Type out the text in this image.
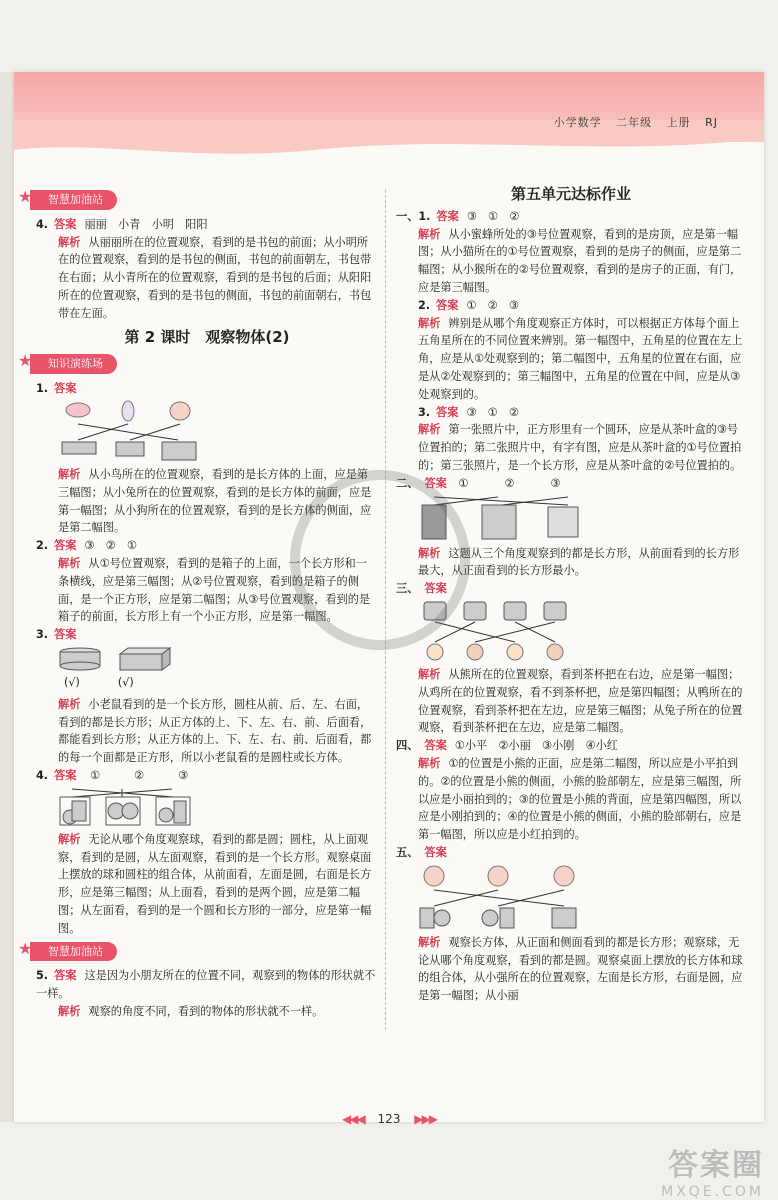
小学数学 二年级 上册 RJ
★ 智慧加油站

4. 答案 丽丽　小青　小明　阳阳

解析 从丽丽所在的位置观察，看到的是书包的前面；从小明所在的位置观察，看到的是书包的侧面，书包的前面朝左，书包带在右面；从小青所在的位置观察，看到的是书包的后面；从阳阳所在的位置观察，看到的是书包的侧面，书包的前面朝右，书包带在左面。

第 2 课时　观察物体(2)
★ 知识演练场

1. 答案

解析 从小鸟所在的位置观察，看到的是长方体的上面，应是第三幅图；从小兔所在的位置观察，看到的是长方体的前面，应是第一幅图；从小狗所在的位置观察，看到的是长方体的侧面，应是第二幅图。

2. 答案 ③　②　①

解析 从①号位置观察，看到的是箱子的上面，一个长方形和一条横线，应是第三幅图；从②号位置观察，看到的是箱子的侧面，是一个正方形，应是第二幅图；从③号位置观察，看到的是箱子的前面，长方形上有一个小正方形，应是第一幅图。

3. 答案

(√)	(√)

解析 小老鼠看到的是一个长方形，圆柱从前、后、左、右面，看到的都是长方形；从正方体的上、下、左、右、前、后面看，都能看到长方形；从正方体的上、下、左、右、前、后面看，都的每一个面都是正方形，所以小老鼠看的是圆柱或长方体。

4. 答案 ①	②	③

解析 无论从哪个角度观察球，看到的都是圆；圆柱，从上面观察，看到的是圆，从左面观察，看到的是一个长方形。观察桌面上摆放的球和圆柱的组合体，从前面看，左面是圆，右面是长方形，应是第三幅图；从上面看，看到的是两个圆，应是第二幅图；从左面看，看到的是一个圆和长方形的一部分，应是第一幅图。

★ 智慧加油站

5. 答案 这是因为小朋友所在的位置不同，观察到的物体的形状就不一样。

解析 观察的角度不同，看到的物体的形状就不一样。

第五单元达标作业

一、1. 答案 ③　①　②

解析 从小蜜蜂所处的③号位置观察，看到的是房顶，应是第一幅图；从小猫所在的①号位置观察，看到的是房子的侧面，应是第二幅图；从小猴所在的②号位置观察，看到的是房子的正面，有门，应是第三幅图。

2. 答案 ①　②　③

解析 辨别是从哪个角度观察正方体时，可以根据正方体每个面上五角星所在的不同位置来辨别。第一幅图中，五角星的位置在左上角，应是从①处观察到的；第二幅图中，五角星的位置在右面，应是从②处观察到的；第三幅图中，五角星的位置在中间，应是从③处观察到的。

3. 答案 ③　①　②

解析 第一张照片中，正方形里有一个圆环，应是从茶叶盒的③号位置拍的；第二张照片中，有字有图，应是从茶叶盒的①号位置拍的；第三张照片，是一个长方形，应是从茶叶盒的②号位置拍的。

二、 答案 ①	②	③

解析 这题从三个角度观察到的都是长方形，从前面看到的长方形最大，从正面看到的长方形最小。

三、 答案

解析 从熊所在的位置观察，看到茶杯把在右边，应是第一幅图；从鸡所在的位置观察，看不到茶杯把，应是第四幅图；从鸭所在的位置观察，看到茶杯把在左边，应是第三幅图；从兔子所在的位置观察，看到茶杯把在左边，应是第二幅图。

四、 答案 ①小平　②小丽　③小刚　④小红

解析 ①的位置是小熊的正面，应是第二幅图，所以应是小平拍到的。②的位置是小熊的侧面，小熊的脸部朝左，应是第三幅图，所以应是小丽拍到的；③的位置是小熊的背面，应是第四幅图，所以应是小刚拍到的；④的位置是小熊的侧面，小熊的脸部朝右，应是第一幅图，所以应是小红拍到的。

五、 答案

解析 观察长方体，从正面和侧面看到的都是长方形；观察球，无论从哪个角度观察，看到的都是圆。观察桌面上摆放的长方体和球的组合体，从小强所在的位置观察，左面是长方形，右面是圆，应是第一幅图；从小丽

◀◀◀ 123 ▶▶▶
答案圈
MXQE.COM
